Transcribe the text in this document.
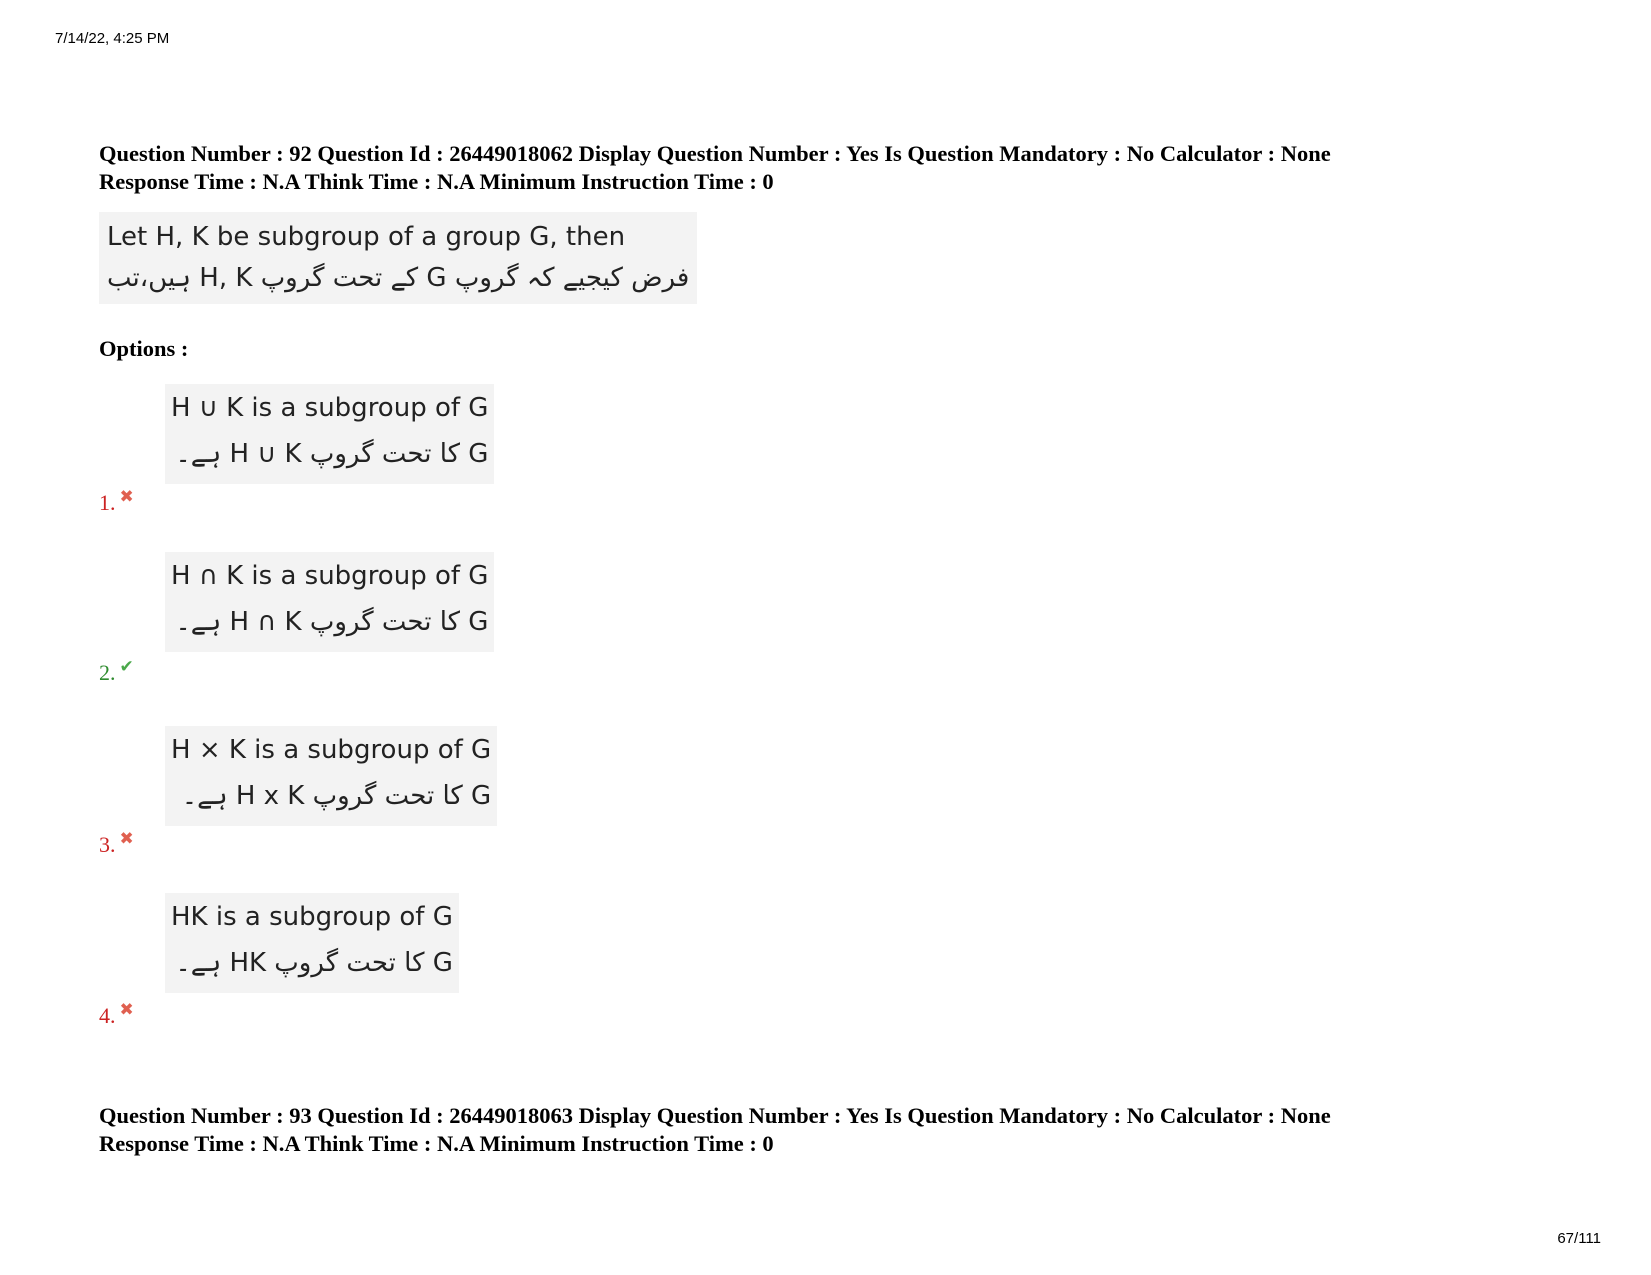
7/14/22, 4:25 PM
Question Number : 92 Question Id : 26449018062 Display Question Number : Yes Is Question Mandatory : No Calculator : None
Response Time : N.A Think Time : N.A Minimum Instruction Time : 0
Let H, K be subgroup of a group G, then
فرض کیجیے کہ گروپ G کے تحت گروپ H, K ہیں،تب
Options :
H ∪ K is a subgroup of G
G کا تحت گروپ H ∪ K ہے۔
1. ✖
H ∩ K is a subgroup of G
G کا تحت گروپ H ∩ K ہے۔
2. ✔
H × K is a subgroup of G
G کا تحت گروپ H x K ہے۔
3. ✖
HK is a subgroup of G
G کا تحت گروپ HK ہے۔
4. ✖
Question Number : 93 Question Id : 26449018063 Display Question Number : Yes Is Question Mandatory : No Calculator : None
Response Time : N.A Think Time : N.A Minimum Instruction Time : 0
67/111
